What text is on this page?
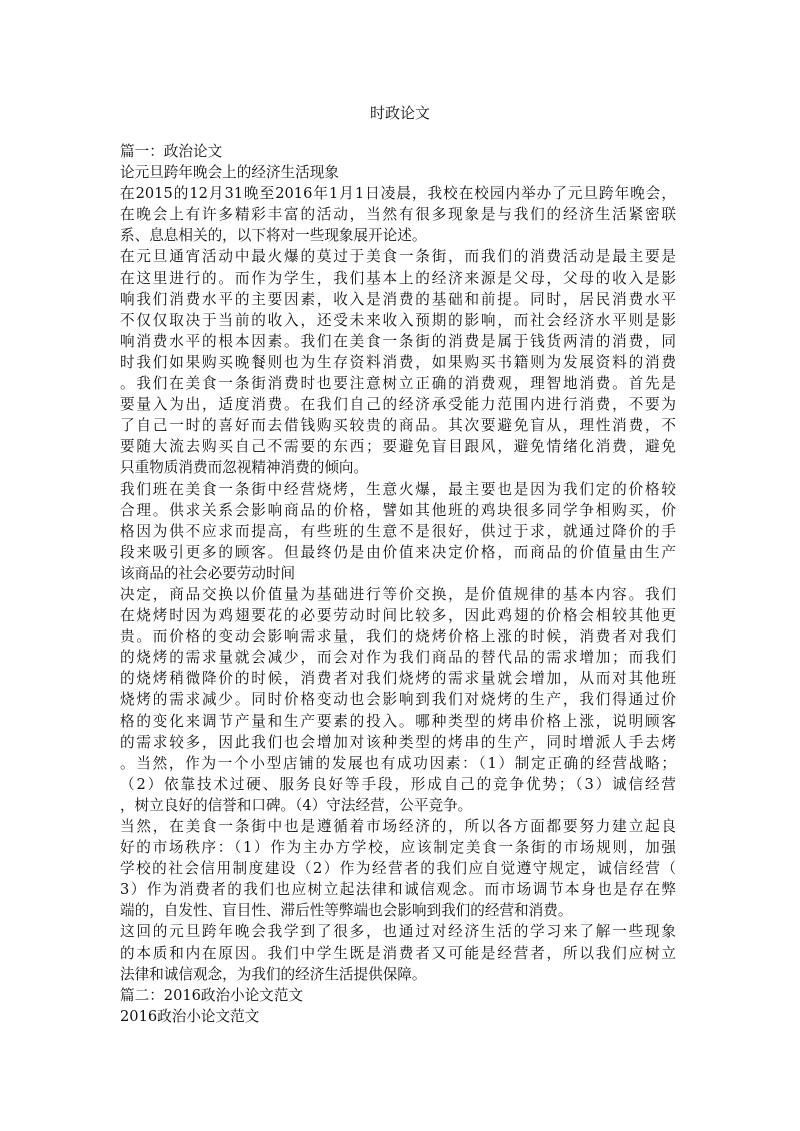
时政论文
篇一：政治论文
论元旦跨年晚会上的经济生活现象
在2015的12月31晚至2016年1月1日凌晨，我校在校园内举办了元旦跨年晚会，
在晚会上有许多精彩丰富的活动，当然有很多现象是与我们的经济生活紧密联
系、息息相关的，以下将对一些现象展开论述。
在元旦通宵活动中最火爆的莫过于美食一条街，而我们的消费活动是最主要是
在这里进行的。而作为学生，我们基本上的经济来源是父母，父母的收入是影
响我们消费水平的主要因素，收入是消费的基础和前提。同时，居民消费水平
不仅仅取决于当前的收入，还受未来收入预期的影响，而社会经济水平则是影
响消费水平的根本因素。我们在美食一条街的消费是属于钱货两清的消费，同
时我们如果购买晚餐则也为生存资料消费，如果购买书籍则为发展资料的消费
。我们在美食一条街消费时也要注意树立正确的消费观，理智地消费。首先是
要量入为出，适度消费。在我们自己的经济承受能力范围内进行消费，不要为
了自己一时的喜好而去借钱购买较贵的商品。其次要避免盲从，理性消费，不
要随大流去购买自己不需要的东西；要避免盲目跟风，避免情绪化消费，避免
只重物质消费而忽视精神消费的倾向。
我们班在美食一条街中经营烧烤，生意火爆，最主要也是因为我们定的价格较
合理。供求关系会影响商品的价格，譬如其他班的鸡块很多同学争相购买，价
格因为供不应求而提高，有些班的生意不是很好，供过于求，就通过降价的手
段来吸引更多的顾客。但最终仍是由价值来决定价格，而商品的价值量由生产
该商品的社会必要劳动时间
决定，商品交换以价值量为基础进行等价交换，是价值规律的基本内容。我们
在烧烤时因为鸡翅要花的必要劳动时间比较多，因此鸡翅的价格会相较其他更
贵。而价格的变动会影响需求量，我们的烧烤价格上涨的时候，消费者对我们
的烧烤的需求量就会减少，而会对作为我们商品的替代品的需求增加；而我们
的烧烤稍微降价的时候，消费者对我们烧烤的需求量就会增加，从而对其他班
烧烤的需求减少。同时价格变动也会影响到我们对烧烤的生产，我们得通过价
格的变化来调节产量和生产要素的投入。哪种类型的烤串价格上涨，说明顾客
的需求较多，因此我们也会增加对该种类型的烤串的生产，同时增派人手去烤
。当然，作为一个小型店铺的发展也有成功因素：（1）制定正确的经营战略；
（2）依靠技术过硬、服务良好等手段，形成自己的竞争优势；（3）诚信经营
，树立良好的信誉和口碑。（4）守法经营，公平竞争。
当然，在美食一条街中也是遵循着市场经济的，所以各方面都要努力建立起良
好的市场秩序：（1）作为主办方学校，应该制定美食一条街的市场规则，加强
学校的社会信用制度建设（2）作为经营者的我们应自觉遵守规定，诚信经营（
3）作为消费者的我们也应树立起法律和诚信观念。而市场调节本身也是存在弊
端的，自发性、盲目性、滞后性等弊端也会影响到我们的经营和消费。
这回的元旦跨年晚会我学到了很多，也通过对经济生活的学习来了解一些现象
的本质和内在原因。我们中学生既是消费者又可能是经营者，所以我们应树立
法律和诚信观念，为我们的经济生活提供保障。
篇二：2016政治小论文范文
2016政治小论文范文
